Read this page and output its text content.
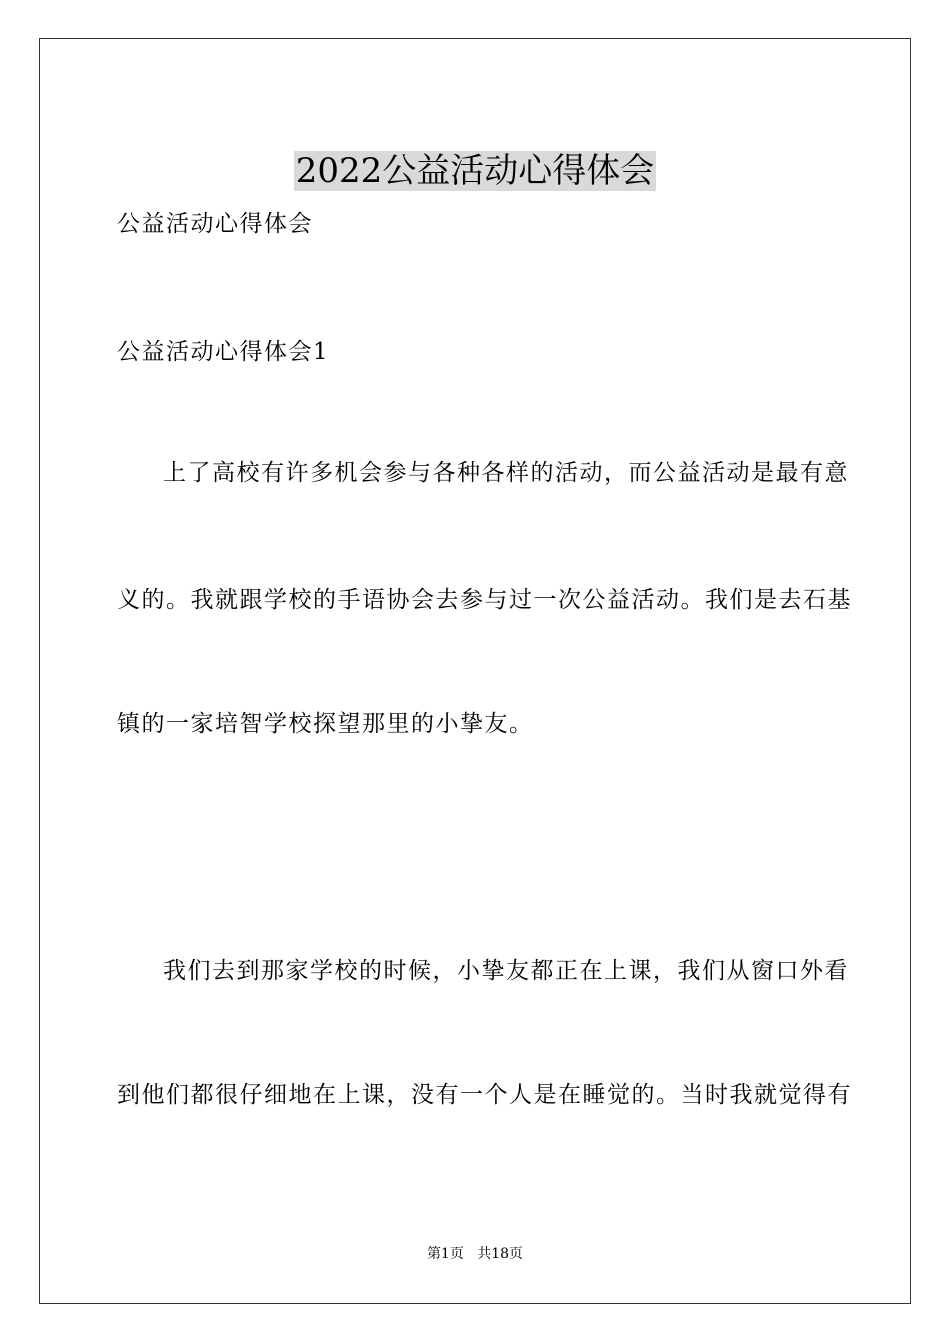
2022公益活动心得体会
公益活动心得体会
公益活动心得体会1
上了高校有许多机会参与各种各样的活动，而公益活动是最有意
义的。我就跟学校的手语协会去参与过一次公益活动。我们是去石基
镇的一家培智学校探望那里的小挚友。
我们去到那家学校的时候，小挚友都正在上课，我们从窗口外看
到他们都很仔细地在上课，没有一个人是在睡觉的。当时我就觉得有
第1页 共18页
